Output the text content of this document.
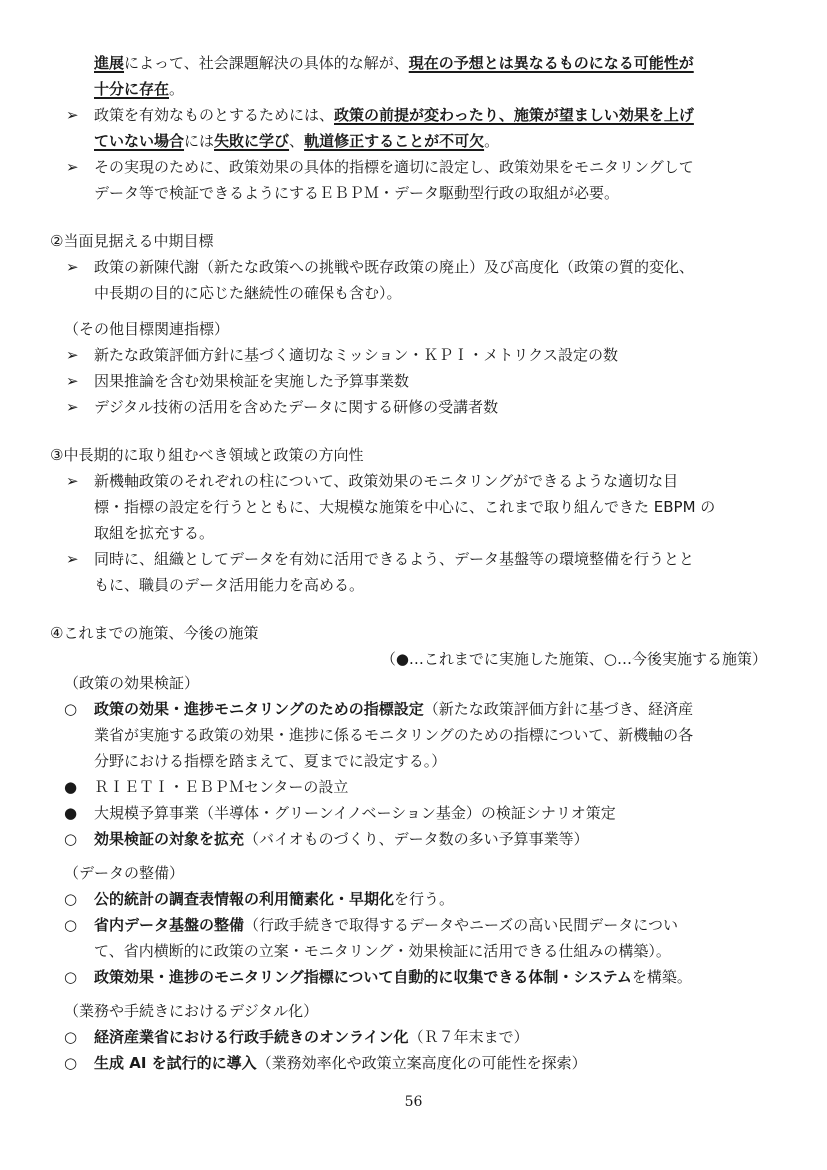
進展によって、社会課題解決の具体的な解が、現在の予想とは異なるものになる可能性が
十分に存在。
➢ 政策を有効なものとするためには、政策の前提が変わったり、施策が望ましい効果を上げ
ていない場合には失敗に学び、軌道修正することが不可欠。
➢ その実現のために、政策効果の具体的指標を適切に設定し、政策効果をモニタリングして
データ等で検証できるようにするＥＢＰＭ・データ駆動型行政の取組が必要。
②当面見据える中期目標
➢ 政策の新陳代謝（新たな政策への挑戦や既存政策の廃止）及び高度化（政策の質的変化、
中長期の目的に応じた継続性の確保も含む）。
（その他目標関連指標）
➢ 新たな政策評価方針に基づく適切なミッション・ＫＰＩ・メトリクス設定の数
➢ 因果推論を含む効果検証を実施した予算事業数
➢ デジタル技術の活用を含めたデータに関する研修の受講者数
③中長期的に取り組むべき領域と政策の方向性
➢ 新機軸政策のそれぞれの柱について、政策効果のモニタリングができるような適切な目
標・指標の設定を行うとともに、大規模な施策を中心に、これまで取り組んできた EBPM の
取組を拡充する。
➢ 同時に、組織としてデータを有効に活用できるよう、データ基盤等の環境整備を行うとと
もに、職員のデータ活用能力を高める。
④これまでの施策、今後の施策
（●…これまでに実施した施策、○…今後実施する施策）
（政策の効果検証）
○ 政策の効果・進捗モニタリングのための指標設定（新たな政策評価方針に基づき、経済産
業省が実施する政策の効果・進捗に係るモニタリングのための指標について、新機軸の各
分野における指標を踏まえて、夏までに設定する。）
● ＲＩＥＴＩ・ＥＢＰＭセンターの設立
● 大規模予算事業（半導体・グリーンイノベーション基金）の検証シナリオ策定
○ 効果検証の対象を拡充（バイオものづくり、データ数の多い予算事業等）
（データの整備）
○ 公的統計の調査表情報の利用簡素化・早期化を行う。
○ 省内データ基盤の整備（行政手続きで取得するデータやニーズの高い民間データについ
て、省内横断的に政策の立案・モニタリング・効果検証に活用できる仕組みの構築）。
○ 政策効果・進捗のモニタリング指標について自動的に収集できる体制・システムを構築。
（業務や手続きにおけるデジタル化）
○ 経済産業省における行政手続きのオンライン化（Ｒ７年末まで）
○ 生成 AI を試行的に導入（業務効率化や政策立案高度化の可能性を探索）
56
